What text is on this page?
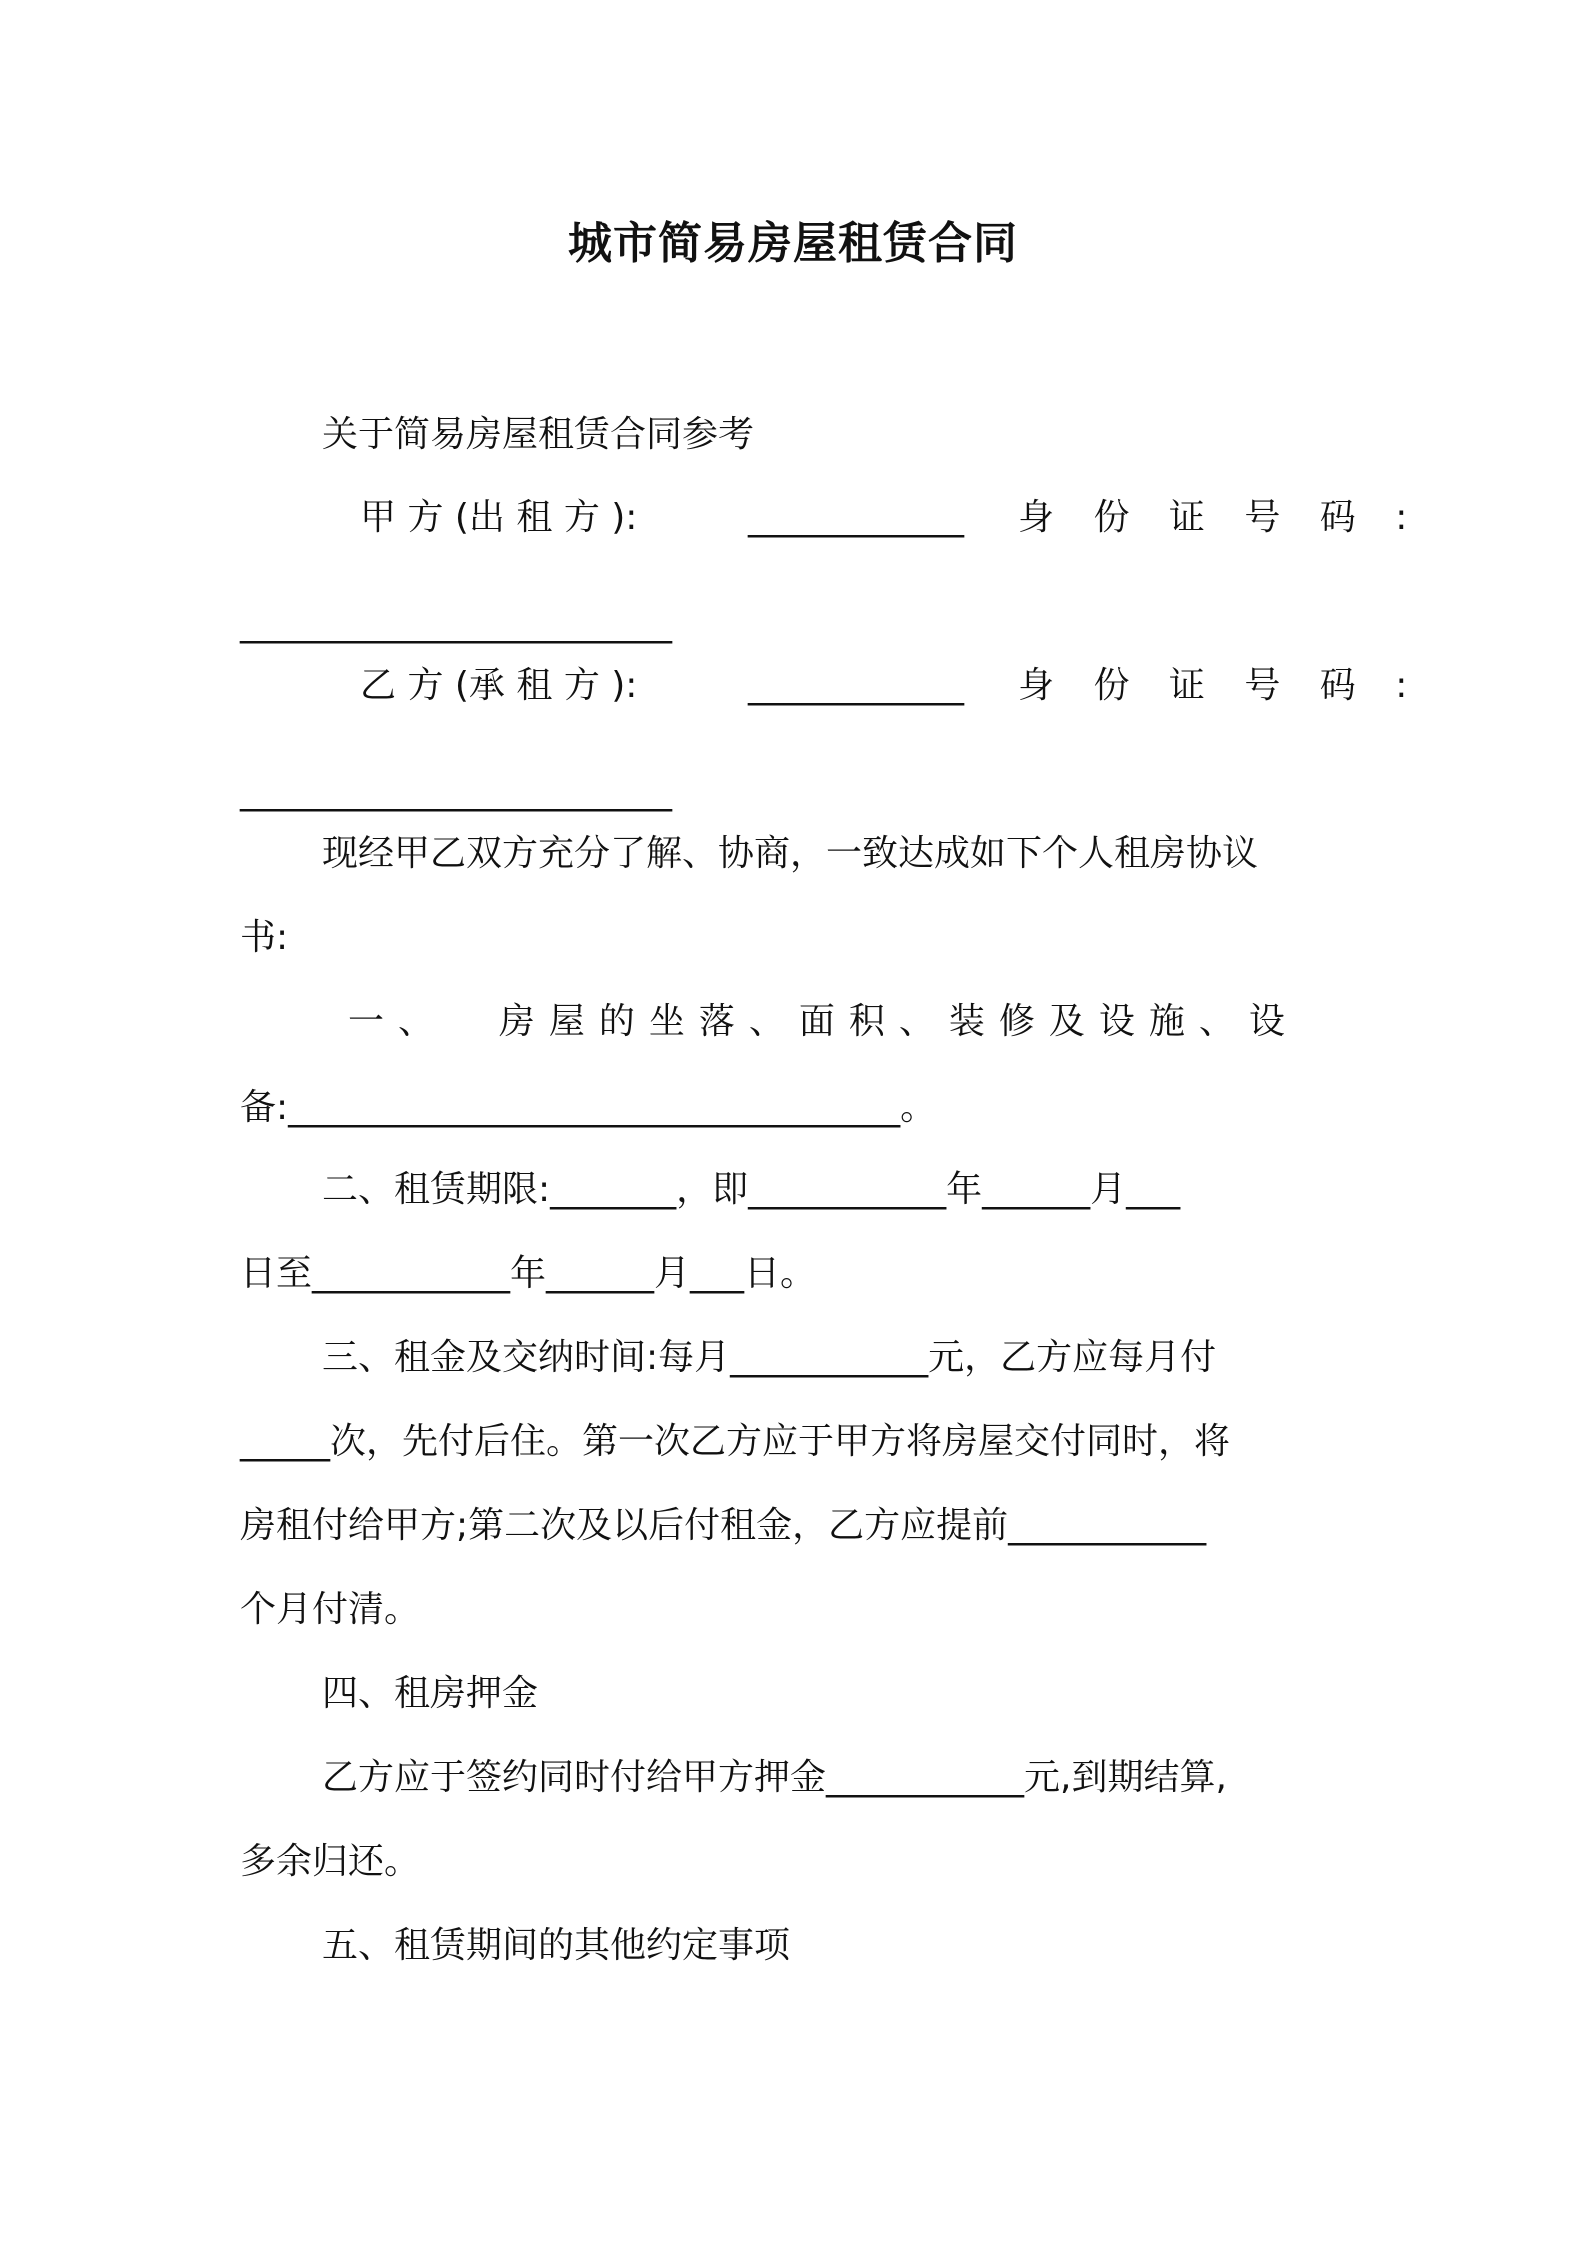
城市简易房屋租赁合同
关于简易房屋租赁合同参考
甲 方 (出 租 方 ):	____________ 身 份 证 号 码 :
________________________
乙 方 (承 租 方 ):	____________ 身 份 证 号 码 :
________________________
现经甲乙双方充分了解、协商，一致达成如下个人租房协议
书:
一、  房屋的坐落、面积、装修及设施、设
备:__________________________________。
二、租赁期限:_______，即___________年______月___
日至___________年______月___日。
三、租金及交纳时间:每月___________元，乙方应每月付
_____次，先付后住。第一次乙方应于甲方将房屋交付同时，将
房租付给甲方;第二次及以后付租金，乙方应提前___________
个月付清。
四、租房押金
乙方应于签约同时付给甲方押金___________元,到期结算,
多余归还。
五、租赁期间的其他约定事项
